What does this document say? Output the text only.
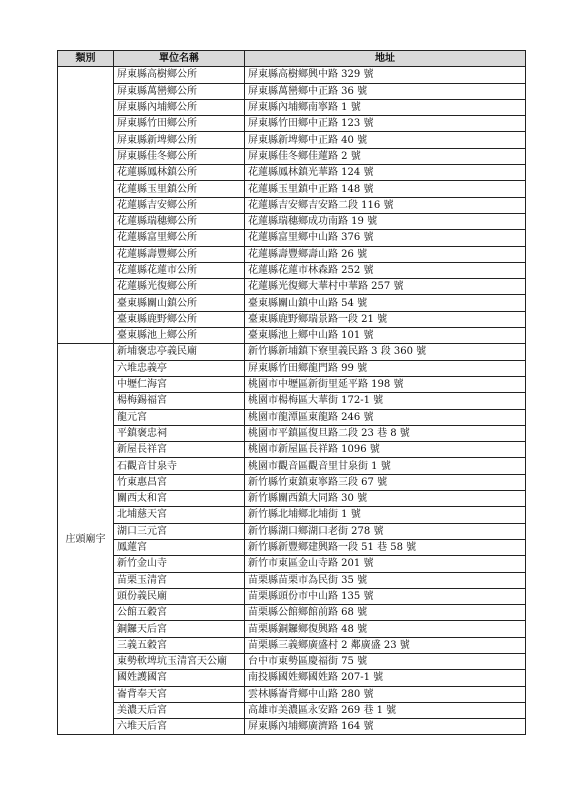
類別	單位名稱	地址
	屏東縣高樹鄉公所	屏東縣高樹鄉興中路 329 號
	屏東縣萬巒鄉公所	屏東縣萬巒鄉中正路 36 號
	屏東縣內埔鄉公所	屏東縣內埔鄉南寧路 1 號
	屏東縣竹田鄉公所	屏東縣竹田鄉中正路 123 號
	屏東縣新埤鄉公所	屏東縣新埤鄉中正路 40 號
	屏東縣佳冬鄉公所	屏東縣佳冬鄉佳蓮路 2 號
	花蓮縣鳳林鎮公所	花蓮縣鳳林鎮光華路 124 號
	花蓮縣玉里鎮公所	花蓮縣玉里鎮中正路 148 號
	花蓮縣吉安鄉公所	花蓮縣吉安鄉吉安路二段 116 號
	花蓮縣瑞穗鄉公所	花蓮縣瑞穗鄉成功南路 19 號
	花蓮縣富里鄉公所	花蓮縣富里鄉中山路 376 號
	花蓮縣壽豐鄉公所	花蓮縣壽豐鄉壽山路 26 號
	花蓮縣花蓮市公所	花蓮縣花蓮市林森路 252 號
	花蓮縣光復鄉公所	花蓮縣光復鄉大華村中華路 257 號
	臺東縣關山鎮公所	臺東縣關山鎮中山路 54 號
	臺東縣鹿野鄉公所	臺東縣鹿野鄉瑞景路一段 21 號
	臺東縣池上鄉公所	臺東縣池上鄉中山路 101 號
庄頭廟宇	新埔褒忠亭義民廟	新竹縣新埔鎮下寮里義民路 3 段 360 號
	六堆忠義亭	屏東縣竹田鄉龍門路 99 號
	中壢仁海宮	桃園市中壢區新街里延平路 198 號
	楊梅錫福宮	桃園市楊梅區大華街 172-1 號
	龍元宮	桃園市龍潭區東龍路 246 號
	平鎮褒忠祠	桃園市平鎮區復旦路二段 23 巷 8 號
	新屋長祥宮	桃園市新屋區長祥路 1096 號
	石觀音甘泉寺	桃園市觀音區觀音里甘泉街 1 號
	竹東惠昌宮	新竹縣竹東鎮東寧路三段 67 號
	關西太和宮	新竹縣關西鎮大同路 30 號
	北埔慈天宮	新竹縣北埔鄉北埔街 1 號
	湖口三元宮	新竹縣湖口鄉湖口老街 278 號
	鳳蓮宮	新竹縣新豐鄉建興路一段 51 巷 58 號
	新竹金山寺	新竹市東區金山寺路 201 號
	苗栗玉清宮	苗栗縣苗栗市為民街 35 號
	頭份義民廟	苗栗縣頭份市中山路 135 號
	公館五穀宮	苗栗縣公館鄉館前路 68 號
	銅鑼天后宮	苗栗縣銅鑼鄉復興路 48 號
	三義五穀宮	苗栗縣三義鄉廣盛村 2 鄰廣盛 23 號
	東勢軟埤坑玉清宮天公廟	台中市東勢區慶福街 75 號
	國姓護國宮	南投縣國姓鄉國姓路 207-1 號
	崙背奉天宮	雲林縣崙背鄉中山路 280 號
	美濃天后宮	高雄市美濃區永安路 269 巷 1 號
	六堆天后宮	屏東縣內埔鄉廣濟路 164 號
